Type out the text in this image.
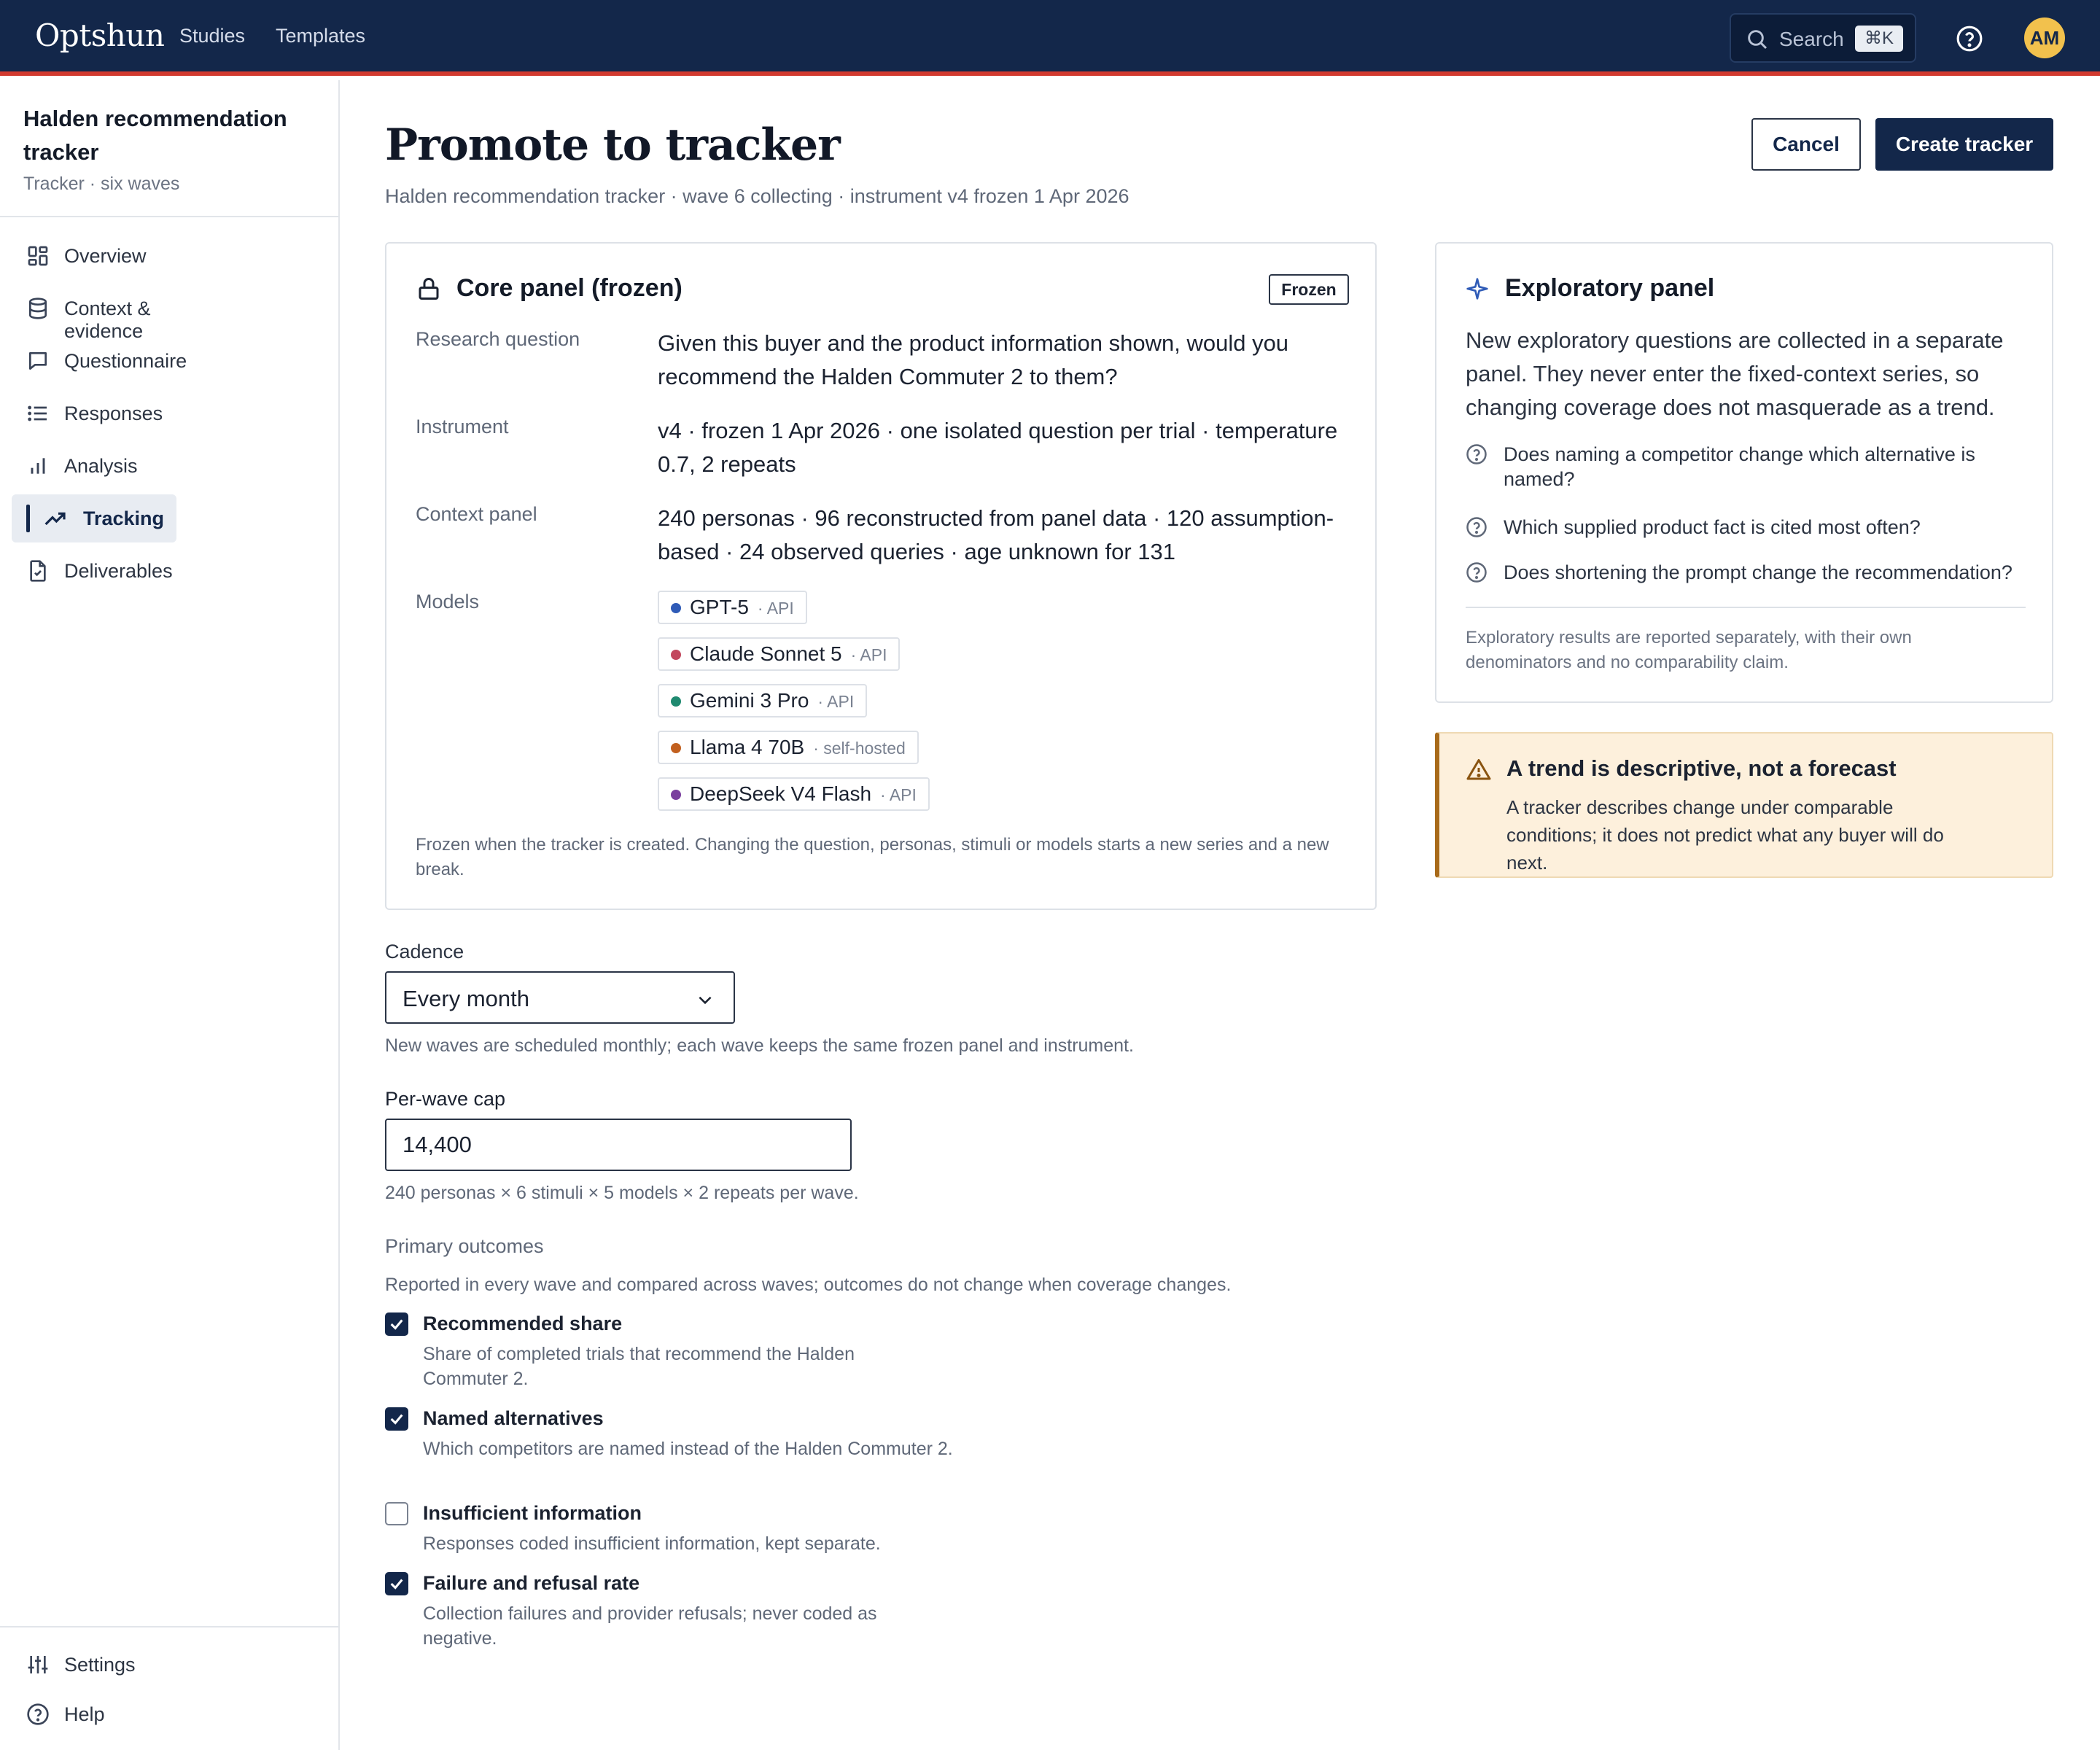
Optshun Studies Templates	Search	⌘K	AM
Halden recommendation tracker
Tracker · six waves
Overview
Context & evidence
Questionnaire
Responses
Analysis
Tracking
Deliverables
Settings
Help
Promote to tracker
Halden recommendation tracker · wave 6 collecting · instrument v4 frozen 1 Apr 2026
Cancel	Create tracker
Core panel (frozen)	Frozen
Research question	Given this buyer and the product information shown, would you recommend the Halden Commuter 2 to them?
Instrument	v4 · frozen 1 Apr 2026 · one isolated question per trial · temperature 0.7, 2 repeats
Context panel	240 personas · 96 reconstructed from panel data · 120 assumption-based · 24 observed queries · age unknown for 131
Models	GPT-5 · API
Claude Sonnet 5 · API
Gemini 3 Pro · API
Llama 4 70B · self-hosted
DeepSeek V4 Flash · API
Frozen when the tracker is created. Changing the question, personas, stimuli or models starts a new series and a new break.
Exploratory panel
New exploratory questions are collected in a separate panel. They never enter the fixed-context series, so changing coverage does not masquerade as a trend.
Does naming a competitor change which alternative is named?
Which supplied product fact is cited most often?
Does shortening the prompt change the recommendation?
Exploratory results are reported separately, with their own denominators and no comparability claim.
A trend is descriptive, not a forecast
A tracker describes change under comparable conditions; it does not predict what any buyer will do next.
Cadence
Every month
New waves are scheduled monthly; each wave keeps the same frozen panel and instrument.
Per-wave cap
14,400
240 personas × 6 stimuli × 5 models × 2 repeats per wave.
Primary outcomes
Reported in every wave and compared across waves; outcomes do not change when coverage changes.
Recommended share
Share of completed trials that recommend the Halden Commuter 2.
Named alternatives
Which competitors are named instead of the Halden Commuter 2.
Insufficient information
Responses coded insufficient information, kept separate.
Failure and refusal rate
Collection failures and provider refusals; never coded as negative.
